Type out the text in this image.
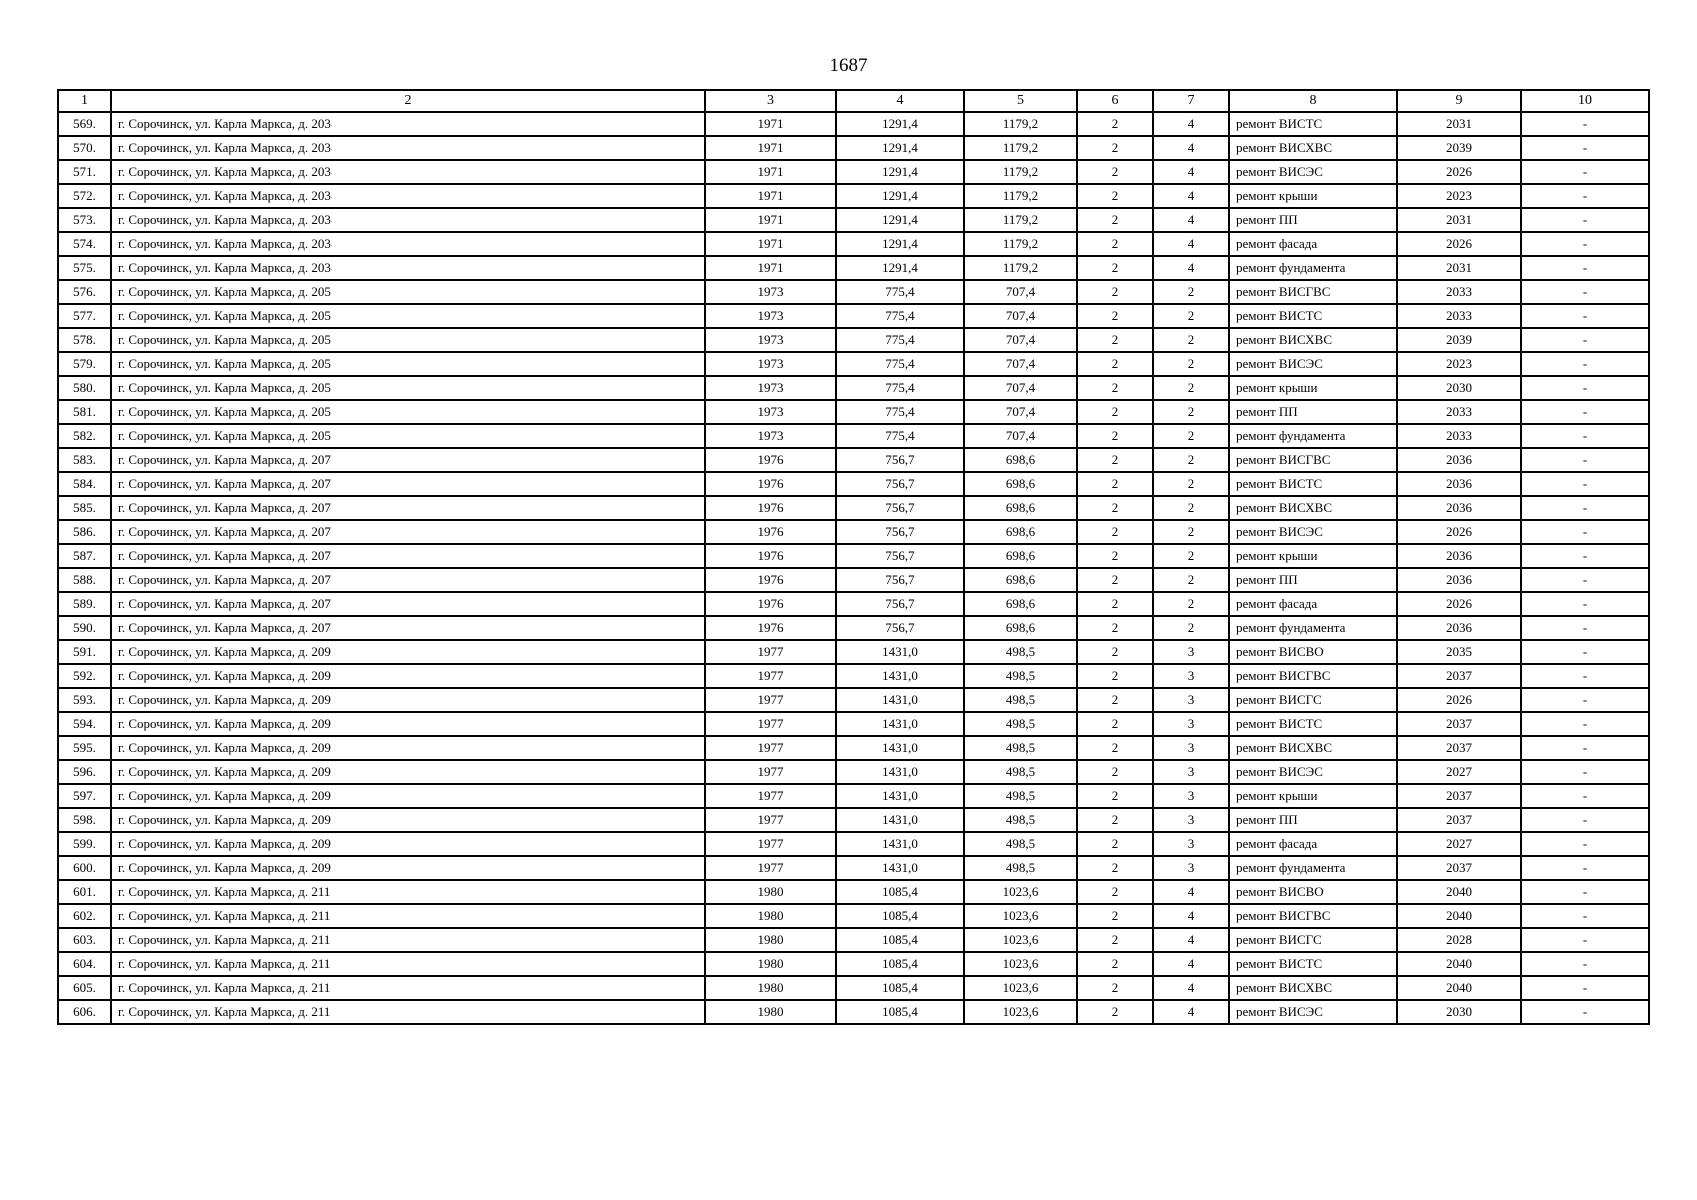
1687
1	2	3	4	5	6	7	8	9	10
569.	г. Сорочинск, ул. Карла Маркса, д. 203	1971	1291,4	1179,2	2	4	ремонт ВИСТС	2031	-
570.	г. Сорочинск, ул. Карла Маркса, д. 203	1971	1291,4	1179,2	2	4	ремонт ВИСХВС	2039	-
571.	г. Сорочинск, ул. Карла Маркса, д. 203	1971	1291,4	1179,2	2	4	ремонт ВИСЭС	2026	-
572.	г. Сорочинск, ул. Карла Маркса, д. 203	1971	1291,4	1179,2	2	4	ремонт крыши	2023	-
573.	г. Сорочинск, ул. Карла Маркса, д. 203	1971	1291,4	1179,2	2	4	ремонт ПП	2031	-
574.	г. Сорочинск, ул. Карла Маркса, д. 203	1971	1291,4	1179,2	2	4	ремонт фасада	2026	-
575.	г. Сорочинск, ул. Карла Маркса, д. 203	1971	1291,4	1179,2	2	4	ремонт фундамента	2031	-
576.	г. Сорочинск, ул. Карла Маркса, д. 205	1973	775,4	707,4	2	2	ремонт ВИСГВС	2033	-
577.	г. Сорочинск, ул. Карла Маркса, д. 205	1973	775,4	707,4	2	2	ремонт ВИСТС	2033	-
578.	г. Сорочинск, ул. Карла Маркса, д. 205	1973	775,4	707,4	2	2	ремонт ВИСХВС	2039	-
579.	г. Сорочинск, ул. Карла Маркса, д. 205	1973	775,4	707,4	2	2	ремонт ВИСЭС	2023	-
580.	г. Сорочинск, ул. Карла Маркса, д. 205	1973	775,4	707,4	2	2	ремонт крыши	2030	-
581.	г. Сорочинск, ул. Карла Маркса, д. 205	1973	775,4	707,4	2	2	ремонт ПП	2033	-
582.	г. Сорочинск, ул. Карла Маркса, д. 205	1973	775,4	707,4	2	2	ремонт фундамента	2033	-
583.	г. Сорочинск, ул. Карла Маркса, д. 207	1976	756,7	698,6	2	2	ремонт ВИСГВС	2036	-
584.	г. Сорочинск, ул. Карла Маркса, д. 207	1976	756,7	698,6	2	2	ремонт ВИСТС	2036	-
585.	г. Сорочинск, ул. Карла Маркса, д. 207	1976	756,7	698,6	2	2	ремонт ВИСХВС	2036	-
586.	г. Сорочинск, ул. Карла Маркса, д. 207	1976	756,7	698,6	2	2	ремонт ВИСЭС	2026	-
587.	г. Сорочинск, ул. Карла Маркса, д. 207	1976	756,7	698,6	2	2	ремонт крыши	2036	-
588.	г. Сорочинск, ул. Карла Маркса, д. 207	1976	756,7	698,6	2	2	ремонт ПП	2036	-
589.	г. Сорочинск, ул. Карла Маркса, д. 207	1976	756,7	698,6	2	2	ремонт фасада	2026	-
590.	г. Сорочинск, ул. Карла Маркса, д. 207	1976	756,7	698,6	2	2	ремонт фундамента	2036	-
591.	г. Сорочинск, ул. Карла Маркса, д. 209	1977	1431,0	498,5	2	3	ремонт ВИСВО	2035	-
592.	г. Сорочинск, ул. Карла Маркса, д. 209	1977	1431,0	498,5	2	3	ремонт ВИСГВС	2037	-
593.	г. Сорочинск, ул. Карла Маркса, д. 209	1977	1431,0	498,5	2	3	ремонт ВИСГС	2026	-
594.	г. Сорочинск, ул. Карла Маркса, д. 209	1977	1431,0	498,5	2	3	ремонт ВИСТС	2037	-
595.	г. Сорочинск, ул. Карла Маркса, д. 209	1977	1431,0	498,5	2	3	ремонт ВИСХВС	2037	-
596.	г. Сорочинск, ул. Карла Маркса, д. 209	1977	1431,0	498,5	2	3	ремонт ВИСЭС	2027	-
597.	г. Сорочинск, ул. Карла Маркса, д. 209	1977	1431,0	498,5	2	3	ремонт крыши	2037	-
598.	г. Сорочинск, ул. Карла Маркса, д. 209	1977	1431,0	498,5	2	3	ремонт ПП	2037	-
599.	г. Сорочинск, ул. Карла Маркса, д. 209	1977	1431,0	498,5	2	3	ремонт фасада	2027	-
600.	г. Сорочинск, ул. Карла Маркса, д. 209	1977	1431,0	498,5	2	3	ремонт фундамента	2037	-
601.	г. Сорочинск, ул. Карла Маркса, д. 211	1980	1085,4	1023,6	2	4	ремонт ВИСВО	2040	-
602.	г. Сорочинск, ул. Карла Маркса, д. 211	1980	1085,4	1023,6	2	4	ремонт ВИСГВС	2040	-
603.	г. Сорочинск, ул. Карла Маркса, д. 211	1980	1085,4	1023,6	2	4	ремонт ВИСГС	2028	-
604.	г. Сорочинск, ул. Карла Маркса, д. 211	1980	1085,4	1023,6	2	4	ремонт ВИСТС	2040	-
605.	г. Сорочинск, ул. Карла Маркса, д. 211	1980	1085,4	1023,6	2	4	ремонт ВИСХВС	2040	-
606.	г. Сорочинск, ул. Карла Маркса, д. 211	1980	1085,4	1023,6	2	4	ремонт ВИСЭС	2030	-
